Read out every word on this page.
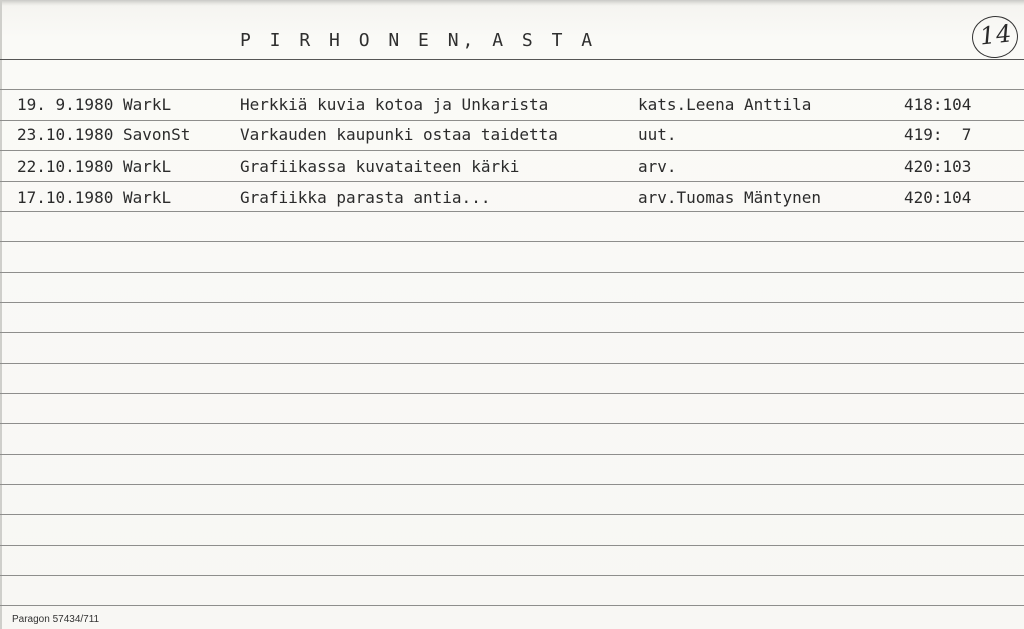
P I R H O N E N, A S T A	14
19. 9.1980 WarkL	Herkkiä kuvia kotoa ja Unkarista	kats.Leena Anttila	418:104
23.10.1980 SavonSt	Varkauden kaupunki ostaa taidetta	uut.	419:  7
22.10.1980 WarkL	Grafiikassa kuvataiteen kärki	arv.	420:103
17.10.1980 WarkL	Grafiikka parasta antia...	arv.Tuomas Mäntynen	420:104
Paragon 57434/711
